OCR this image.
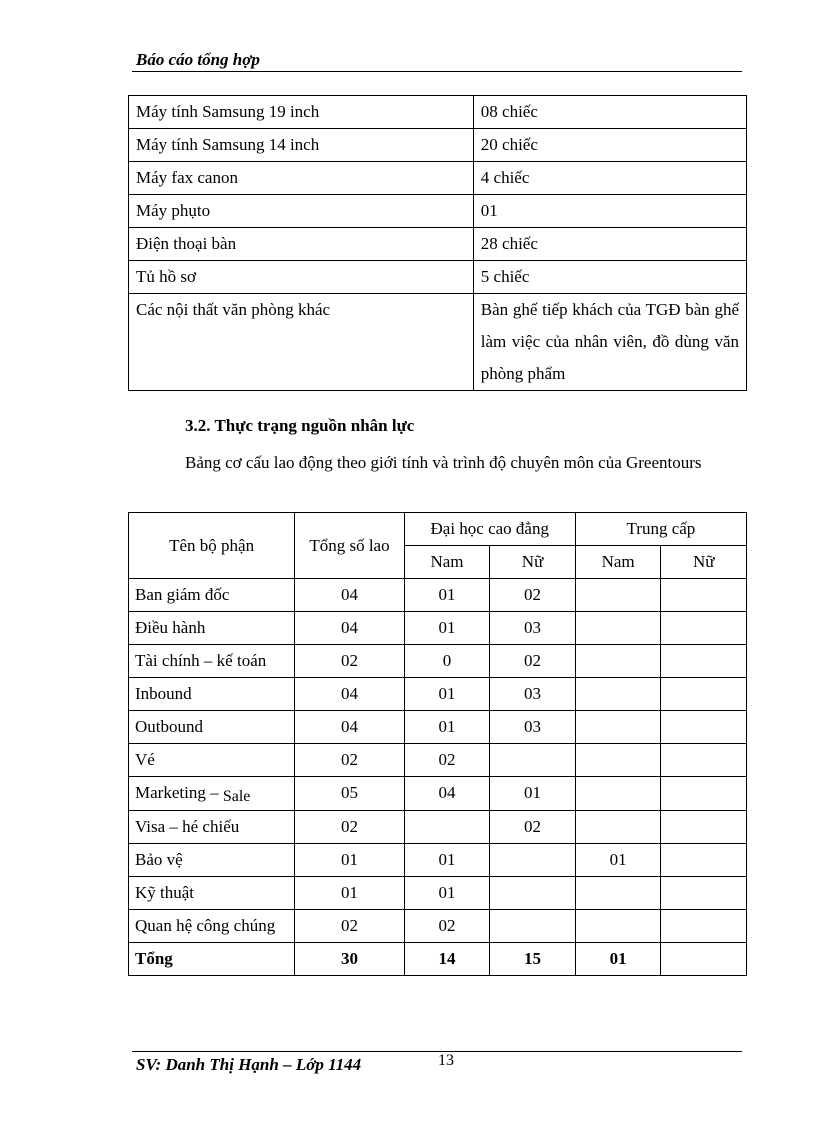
Báo cáo tổng hợp
Máy tính Samsung 19 inch	08 chiếc
Máy tính Samsung 14 inch	20 chiếc
Máy fax canon	4 chiếc
Máy phụto	01
Điện thoại bàn	28 chiếc
Tủ hồ sơ	5 chiếc
Các nội thất văn phòng khác	Bàn ghế tiếp khách của TGĐ bàn ghế làm việc của nhân viên, đồ dùng văn phòng phẩm
3.2. Thực trạng nguồn nhân lực
Bảng cơ cấu lao động theo giới tính và trình độ chuyên môn của Greentours
Tên bộ phận	Tổng số lao	Đại học cao đẳng		Trung cấp	
		Nam	Nữ	Nam	Nữ
Ban giám đốc	04	01	02		
Điều hành	04	01	03		
Tài chính – kế toán	02	0	02		
Inbound	04	01	03		
Outbound	04	01	03		
Vé	02	02			
Marketing – Sale	05	04	01		
Visa – hé chiếu	02		02		
Bảo vệ	01	01		01	
Kỹ thuật	01	01			
Quan hệ công chúng	02	02			
Tổng	30	14	15	01	
SV: Danh Thị Hạnh – Lớp 1144	13
